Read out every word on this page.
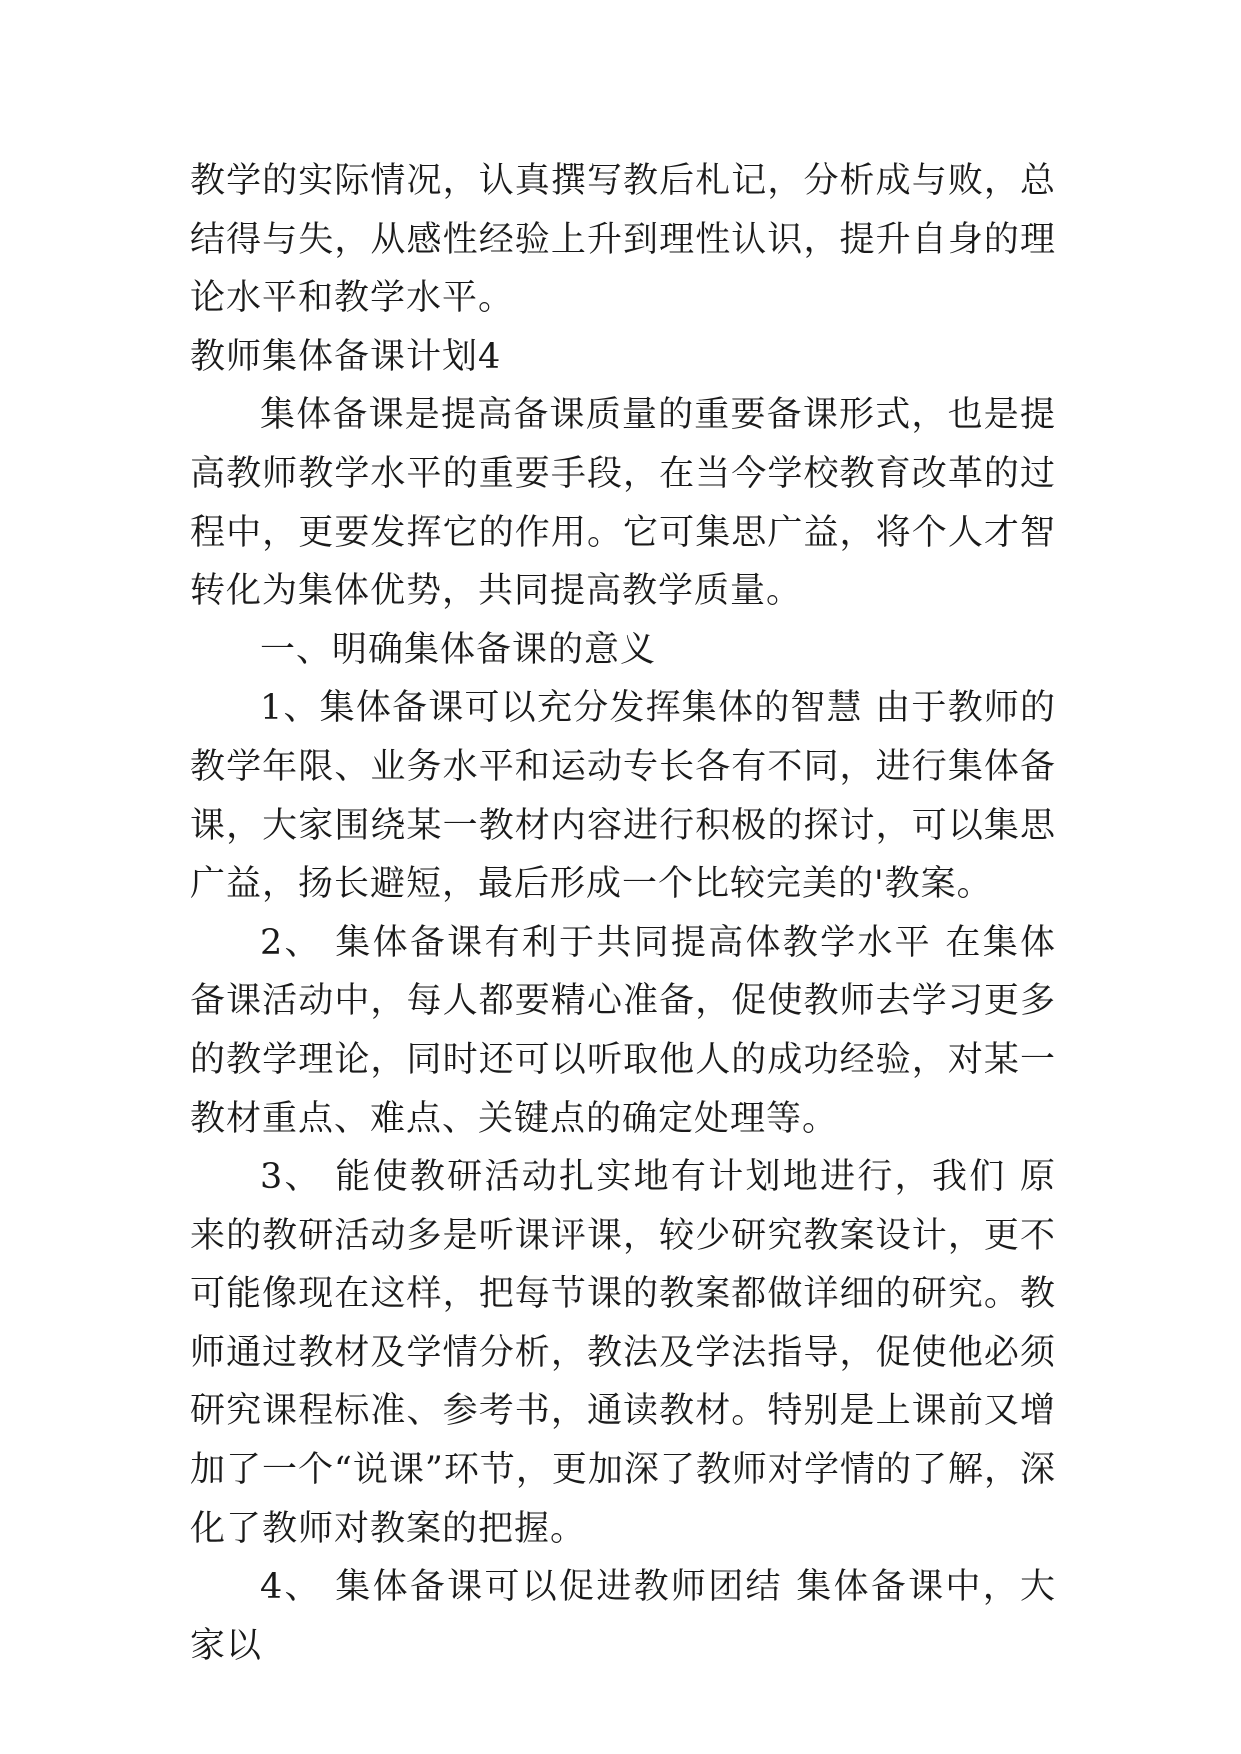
教学的实际情况，认真撰写教后札记，分析成与败，总结得与失，从感性经验上升到理性认识，提升自身的理论水平和教学水平。

教师集体备课计划4

集体备课是提高备课质量的重要备课形式，也是提高教师教学水平的重要手段，在当今学校教育改革的过程中，更要发挥它的作用。它可集思广益，将个人才智转化为集体优势，共同提高教学质量。

一、明确集体备课的意义

1、集体备课可以充分发挥集体的智慧 由于教师的教学年限、业务水平和运动专长各有不同，进行集体备课，大家围绕某一教材内容进行积极的探讨，可以集思广益，扬长避短，最后形成一个比较完美的'教案。

2、 集体备课有利于共同提高体教学水平 在集体备课活动中，每人都要精心准备，促使教师去学习更多的教学理论，同时还可以听取他人的成功经验，对某一教材重点、难点、关键点的确定处理等。

3、 能使教研活动扎实地有计划地进行，我们 原来的教研活动多是听课评课，较少研究教案设计，更不可能像现在这样，把每节课的教案都做详细的研究。教师通过教材及学情分析，教法及学法指导，促使他必须研究课程标准、参考书，通读教材。特别是上课前又增加了一个“说课”环节，更加深了教师对学情的了解，深化了教师对教案的把握。

4、 集体备课可以促进教师团结 集体备课中，大家以
